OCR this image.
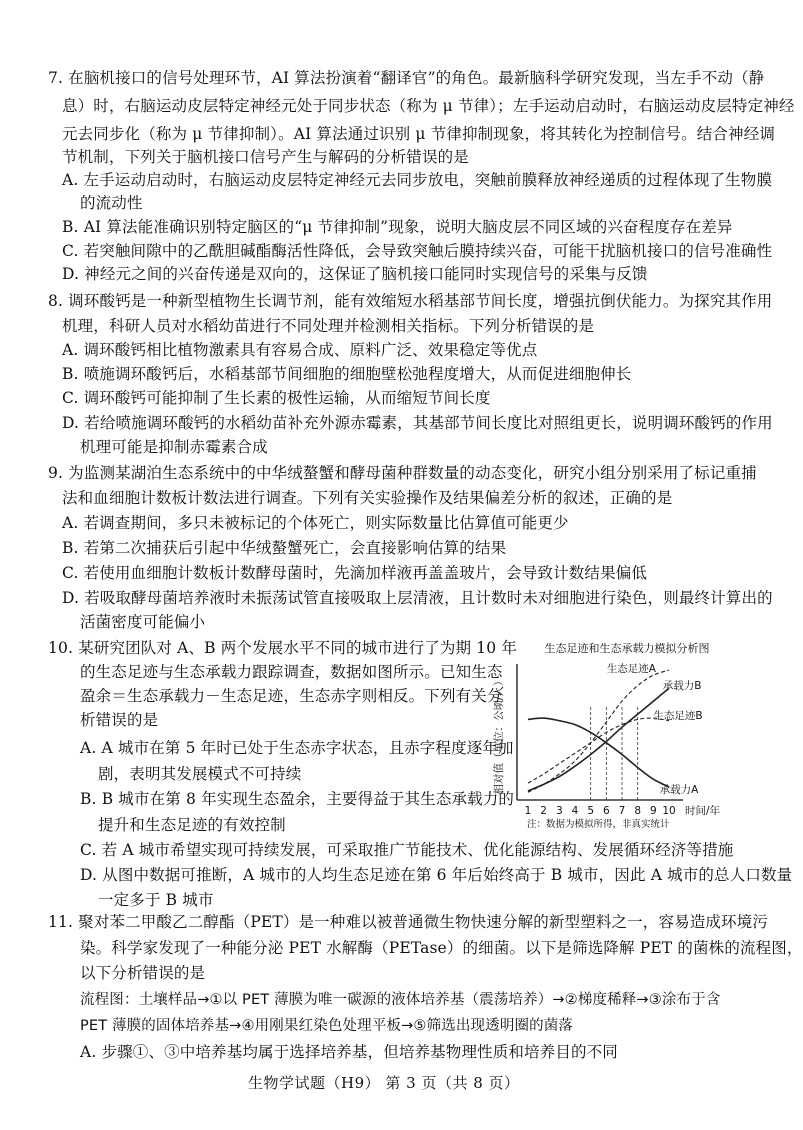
7. 在脑机接口的信号处理环节，AI 算法扮演着“翻译官”的角色。最新脑科学研究发现，当左手不动（静
息）时，右脑运动皮层特定神经元处于同步状态（称为 μ 节律）；左手运动启动时，右脑运动皮层特定神经
元去同步化（称为 μ 节律抑制）。AI 算法通过识别 μ 节律抑制现象，将其转化为控制信号。结合神经调
节机制，下列关于脑机接口信号产生与解码的分析错误的是
A. 左手运动启动时，右脑运动皮层特定神经元去同步放电，突触前膜释放神经递质的过程体现了生物膜
的流动性
B. AI 算法能准确识别特定脑区的“μ 节律抑制”现象，说明大脑皮层不同区域的兴奋程度存在差异
C. 若突触间隙中的乙酰胆碱酯酶活性降低，会导致突触后膜持续兴奋，可能干扰脑机接口的信号准确性
D. 神经元之间的兴奋传递是双向的，这保证了脑机接口能同时实现信号的采集与反馈
8. 调环酸钙是一种新型植物生长调节剂，能有效缩短水稻基部节间长度，增强抗倒伏能力。为探究其作用
机理，科研人员对水稻幼苗进行不同处理并检测相关指标。下列分析错误的是
A. 调环酸钙相比植物激素具有容易合成、原料广泛、效果稳定等优点
B. 喷施调环酸钙后，水稻基部节间细胞的细胞壁松弛程度增大，从而促进细胞伸长
C. 调环酸钙可能抑制了生长素的极性运输，从而缩短节间长度
D. 若给喷施调环酸钙的水稻幼苗补充外源赤霉素，其基部节间长度比对照组更长，说明调环酸钙的作用
机理可能是抑制赤霉素合成
9. 为监测某湖泊生态系统中的中华绒螯蟹和酵母菌种群数量的动态变化，研究小组分别采用了标记重捕
法和血细胞计数板计数法进行调查。下列有关实验操作及结果偏差分析的叙述，正确的是
A. 若调查期间，多只未被标记的个体死亡，则实际数量比估算值可能更少
B. 若第二次捕获后引起中华绒螯蟹死亡，会直接影响估算的结果
C. 若使用血细胞计数板计数酵母菌时，先滴加样液再盖盖玻片，会导致计数结果偏低
D. 若吸取酵母菌培养液时未振荡试管直接吸取上层清液，且计数时未对细胞进行染色，则最终计算出的
活菌密度可能偏小
10. 某研究团队对 A、B 两个发展水平不同的城市进行了为期 10 年
的生态足迹与生态承载力跟踪调查，数据如图所示。已知生态
盈余＝生态承载力－生态足迹，生态赤字则相反。下列有关分
析错误的是
A. A 城市在第 5 年时已处于生态赤字状态，且赤字程度逐年加
剧，表明其发展模式不可持续
B. B 城市在第 8 年实现生态盈余，主要得益于其生态承载力的
提升和生态足迹的有效控制
C. 若 A 城市希望实现可持续发展，可采取推广节能技术、优化能源结构、发展循环经济等措施
D. 从图中数据可推断，A 城市的人均生态足迹在第 6 年后始终高于 B 城市，因此 A 城市的总人口数量
一定多于 B 城市
生态足迹和生态承载力模拟分析图
时间/年
相对值（单位：公顷/人）
注：数据为模拟所得，非真实统计
1 2 3 4 5 6 7 8 9 10
生态足迹A
承载力B
生态足迹B
承载力A
11. 聚对苯二甲酸乙二醇酯（PET）是一种难以被普通微生物快速分解的新型塑料之一，容易造成环境污
染。科学家发现了一种能分泌 PET 水解酶（PETase）的细菌。以下是筛选降解 PET 的菌株的流程图，
以下分析错误的是
流程图：土壤样品→①以 PET 薄膜为唯一碳源的液体培养基（震荡培养）→②梯度稀释→③涂布于含
PET 薄膜的固体培养基→④用刚果红染色处理平板→⑤筛选出现透明圈的菌落
A. 步骤①、③中培养基均属于选择培养基，但培养基物理性质和培养目的不同
生物学试题（H9） 第 3 页（共 8 页）
